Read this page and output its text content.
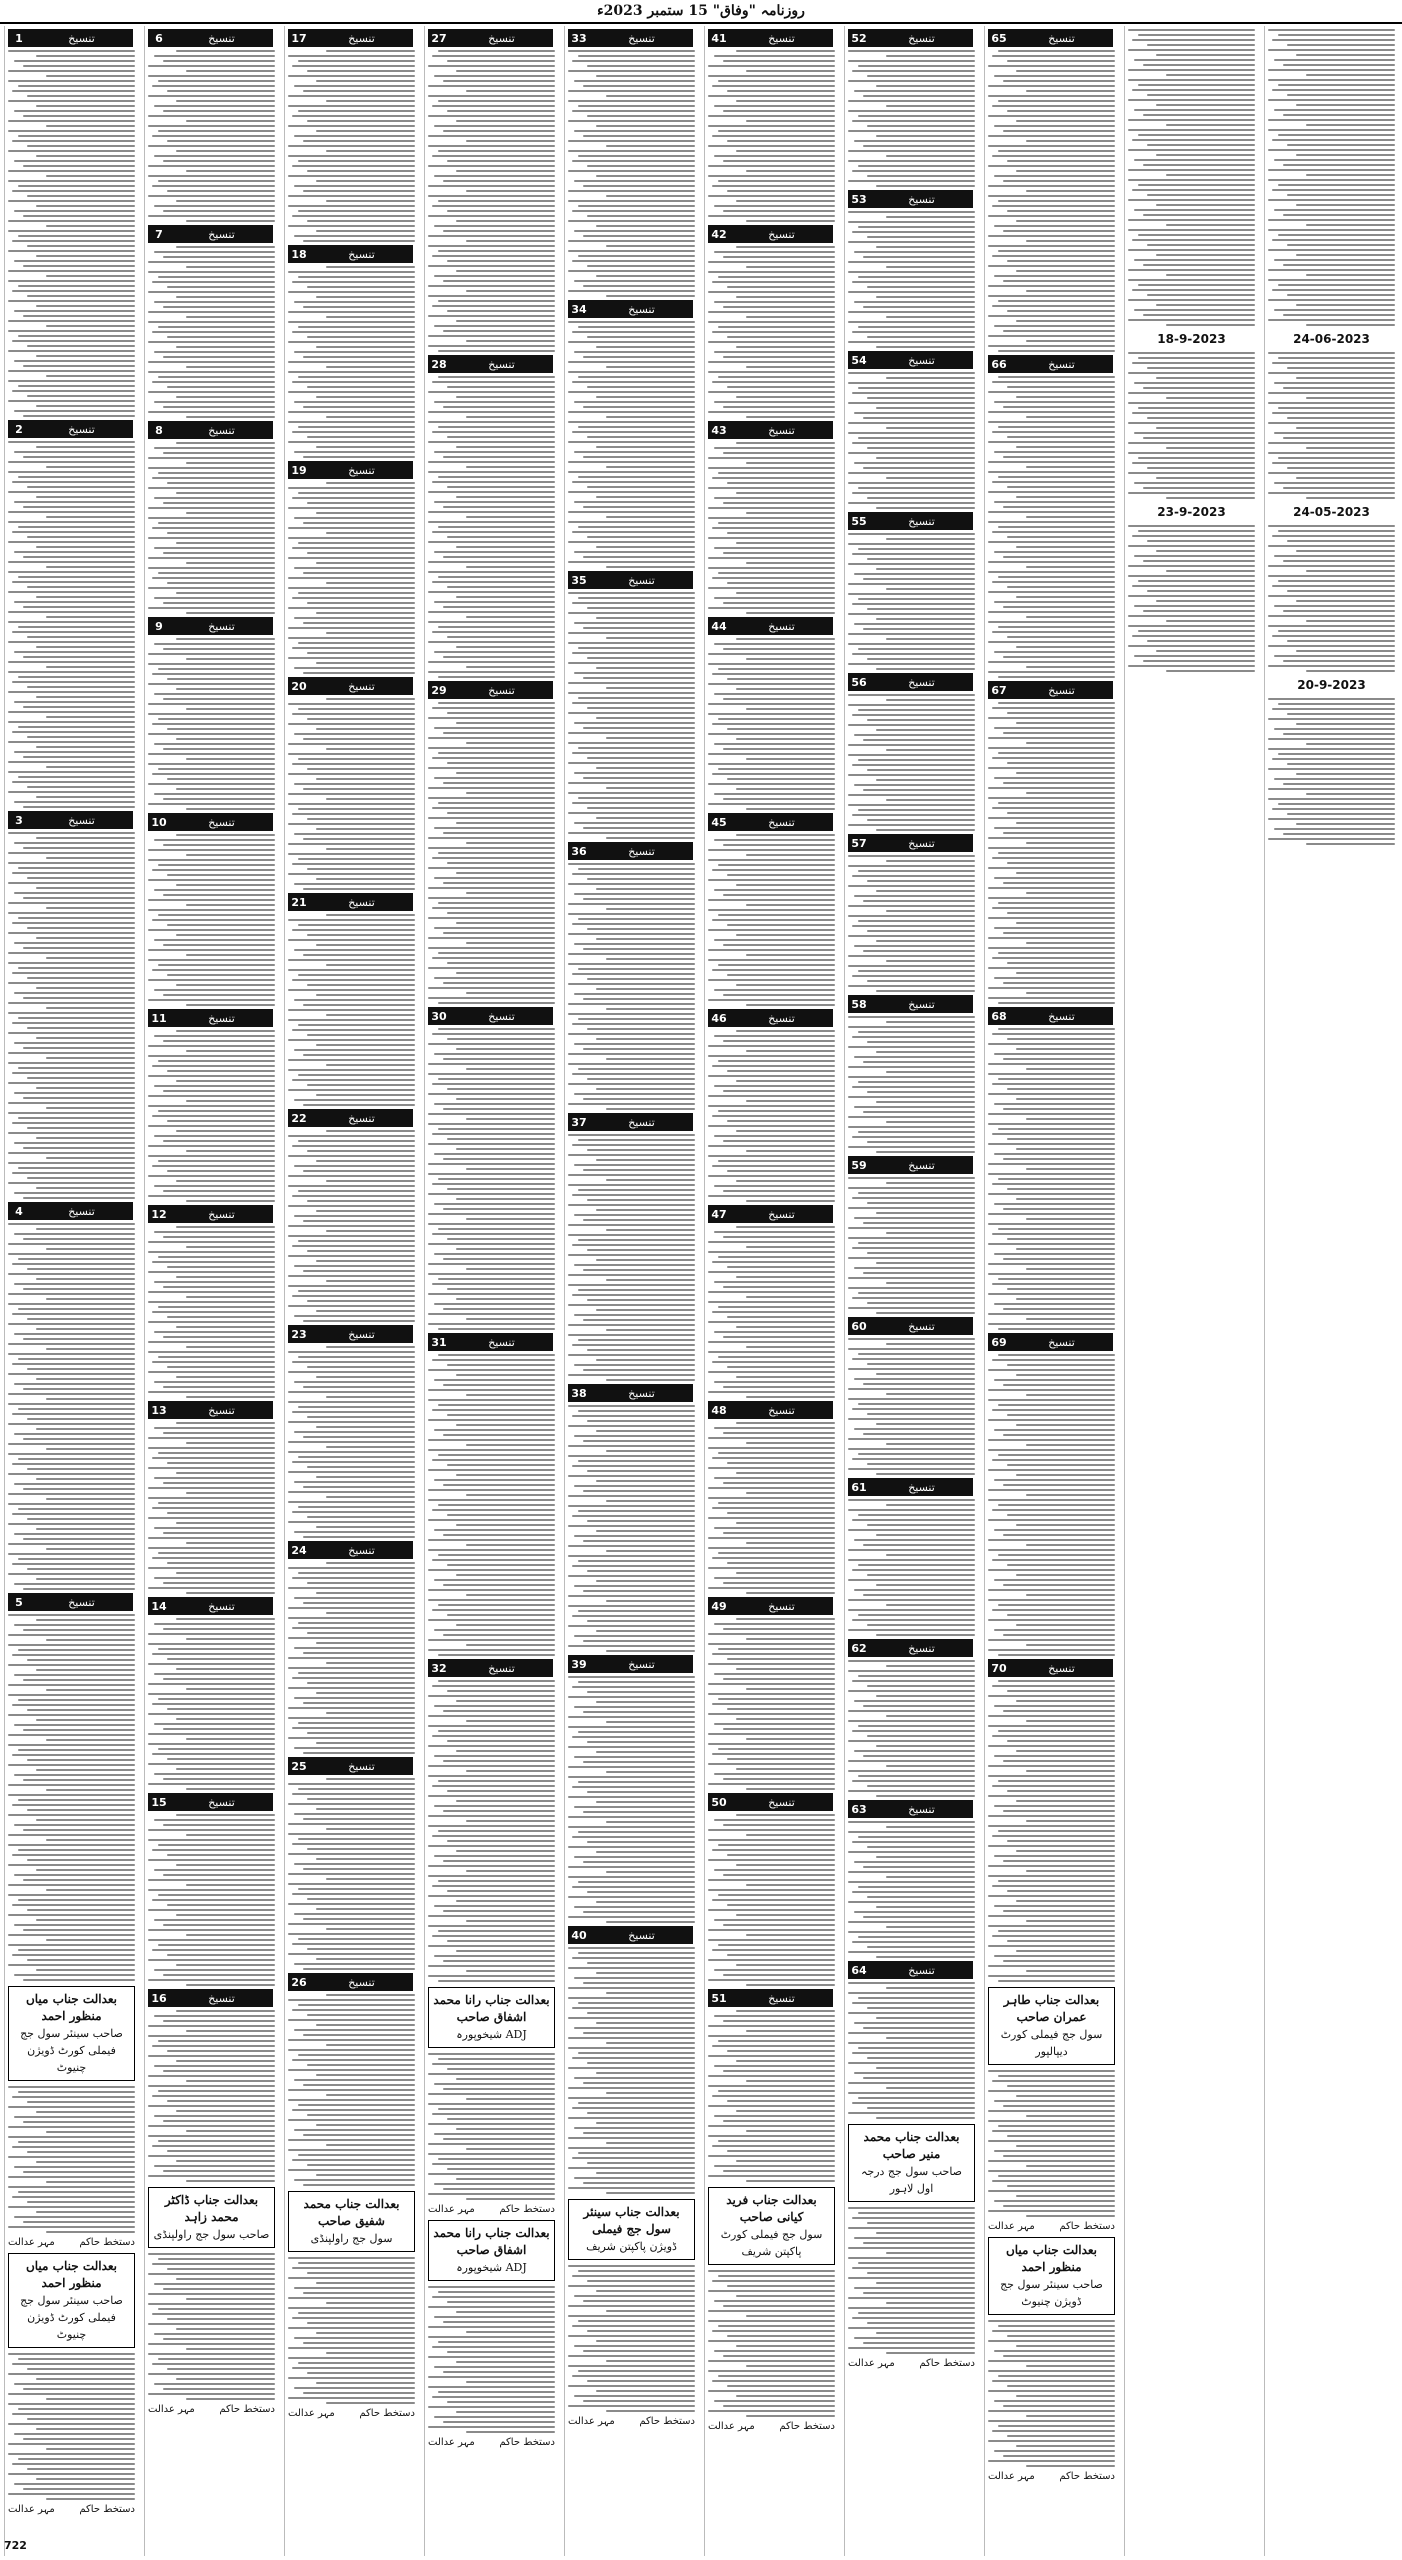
روزنامہ "وفاق" 15 ستمبر 2023ء
تنسیخ
1
تنسیخ
2
تنسیخ
3
تنسیخ
4
تنسیخ
5
بعدالت جناب میاں منظور احمد
صاحب سینئر سول جج فیملی کورٹ ڈویژن چنیوٹ
دستخط حاکم
مہر عدالت
بعدالت جناب میاں منظور احمد
صاحب سینئر سول جج فیملی کورٹ ڈویژن چنیوٹ
دستخط حاکم
مہر عدالت
تنسیخ
6
تنسیخ
7
تنسیخ
8
تنسیخ
9
تنسیخ
10
تنسیخ
11
تنسیخ
12
تنسیخ
13
تنسیخ
14
تنسیخ
15
تنسیخ
16
بعدالت جناب ڈاکٹر محمد زاہد
صاحب سول جج راولپنڈی
دستخط حاکم
مہر عدالت
تنسیخ
17
تنسیخ
18
تنسیخ
19
تنسیخ
20
تنسیخ
21
تنسیخ
22
تنسیخ
23
تنسیخ
24
تنسیخ
25
تنسیخ
26
بعدالت جناب محمد شفیق صاحب
سول جج راولپنڈی
دستخط حاکم
مہر عدالت
تنسیخ
27
تنسیخ
28
تنسیخ
29
تنسیخ
30
تنسیخ
31
تنسیخ
32
بعدالت جناب رانا محمد اشفاق صاحب
ADJ شیخوپورہ
دستخط حاکم
مہر عدالت
بعدالت جناب رانا محمد اشفاق صاحب
ADJ شیخوپورہ
دستخط حاکم
مہر عدالت
تنسیخ
33
تنسیخ
34
تنسیخ
35
تنسیخ
36
تنسیخ
37
تنسیخ
38
تنسیخ
39
تنسیخ
40
بعدالت جناب سینئر سول جج فیملی
ڈویژن پاکپتن شریف
دستخط حاکم
مہر عدالت
تنسیخ
41
تنسیخ
42
تنسیخ
43
تنسیخ
44
تنسیخ
45
تنسیخ
46
تنسیخ
47
تنسیخ
48
تنسیخ
49
تنسیخ
50
تنسیخ
51
بعدالت جناب فرید کیانی صاحب
سول جج فیملی کورٹ پاکپتن شریف
دستخط حاکم
مہر عدالت
تنسیخ
52
تنسیخ
53
تنسیخ
54
تنسیخ
55
تنسیخ
56
تنسیخ
57
تنسیخ
58
تنسیخ
59
تنسیخ
60
تنسیخ
61
تنسیخ
62
تنسیخ
63
تنسیخ
64
بعدالت جناب محمد منیر صاحب
صاحب سول جج درجہ اول لاہور
دستخط حاکم
مہر عدالت
تنسیخ
65
تنسیخ
66
تنسیخ
67
تنسیخ
68
تنسیخ
69
تنسیخ
70
بعدالت جناب طاہر عمران صاحب
سول جج فیملی کورٹ دیپالپور
دستخط حاکم
مہر عدالت
بعدالت جناب میاں منظور احمد
صاحب سینئر سول جج ڈویژن چنیوٹ
دستخط حاکم
مہر عدالت
18-9-2023
23-9-2023
24-06-2023
24-05-2023
20-9-2023
722
